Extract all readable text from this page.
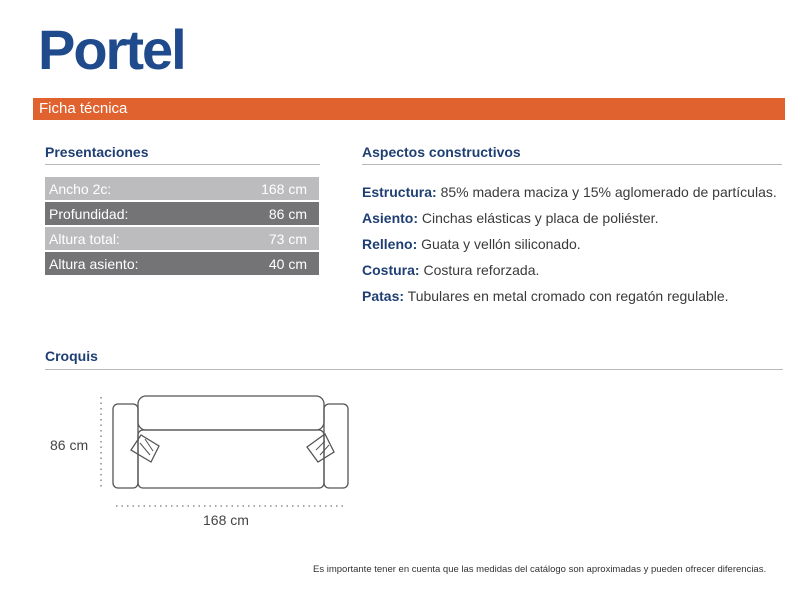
Portel
Ficha técnica
Presentaciones
Ancho 2c:	168 cm
Profundidad:	86 cm
Altura total:	73 cm
Altura asiento:	40 cm
Aspectos constructivos
Estructura: 85% madera maciza y 15% aglomerado de partículas.
Asiento: Cinchas elásticas y placa de poliéster.
Relleno: Guata y vellón siliconado.
Costura: Costura reforzada.
Patas: Tubulares en metal cromado con regatón regulable.
Croquis
86 cm
168 cm
Es importante tener en cuenta que las medidas del catálogo son aproximadas y pueden ofrecer diferencias.
